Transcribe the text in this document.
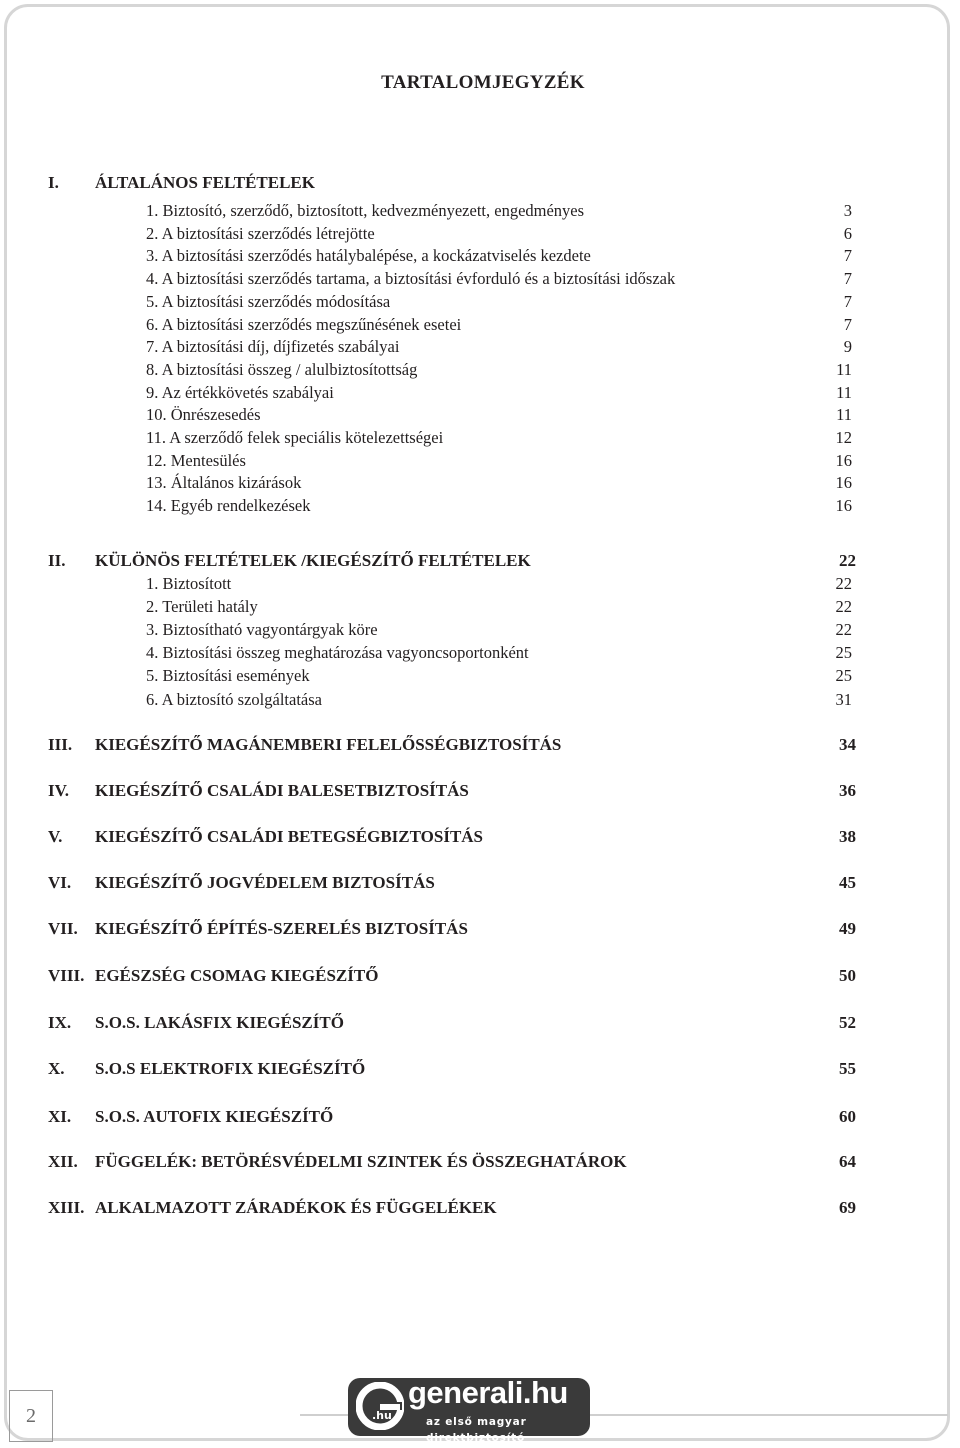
TARTALOMJEGYZÉK
I. ÁLTALÁNOS FELTÉTELEK
1. Biztosító, szerződő, biztosított, kedvezményezett, engedményes	3
2. A biztosítási szerződés létrejötte	6
3. A biztosítási szerződés hatálybalépése, a kockázatviselés kezdete	7
4. A biztosítási szerződés tartama, a biztosítási évforduló és a biztosítási időszak	7
5. A biztosítási szerződés módosítása	7
6. A biztosítási szerződés megszűnésének esetei	7
7. A biztosítási díj, díjfizetés szabályai	9
8. A biztosítási összeg / alulbiztosítottság	11
9. Az értékkövetés szabályai	11
10. Önrészesedés	11
11. A szerződő felek speciális kötelezettségei	12
12. Mentesülés	16
13. Általános kizárások	16
14. Egyéb rendelkezések	16
II. KÜLÖNÖS FELTÉTELEK /KIEGÉSZÍTŐ FELTÉTELEK	22
1. Biztosított	22
2. Területi hatály	22
3. Biztosítható vagyontárgyak köre	22
4. Biztosítási összeg meghatározása vagyoncsoportonként	25
5. Biztosítási események	25
6. A biztosító szolgáltatása	31
III. KIEGÉSZÍTŐ MAGÁNEMBERI FELELŐSSÉGBIZTOSÍTÁS	34
IV. KIEGÉSZÍTŐ CSALÁDI BALESETBIZTOSÍTÁS	36
V. KIEGÉSZÍTŐ CSALÁDI BETEGSÉGBIZTOSÍTÁS	38
VI. KIEGÉSZÍTŐ JOGVÉDELEM BIZTOSÍTÁS	45
VII. KIEGÉSZÍTŐ ÉPÍTÉS-SZERELÉS BIZTOSÍTÁS	49
VIII. EGÉSZSÉG CSOMAG KIEGÉSZÍTŐ	50
IX. S.O.S. LAKÁSFIX KIEGÉSZÍTŐ	52
X. S.O.S ELEKTROFIX KIEGÉSZÍTŐ	55
XI. S.O.S. AUTOFIX KIEGÉSZÍTŐ	60
XII. FÜGGELÉK: BETÖRÉSVÉDELMI SZINTEK ÉS ÖSSZEGHATÁROK	64
XIII. ALKALMAZOTT ZÁRADÉKOK ÉS FÜGGELÉKEK	69
2	.hu
generali.hu
az első magyar direktbiztosító
